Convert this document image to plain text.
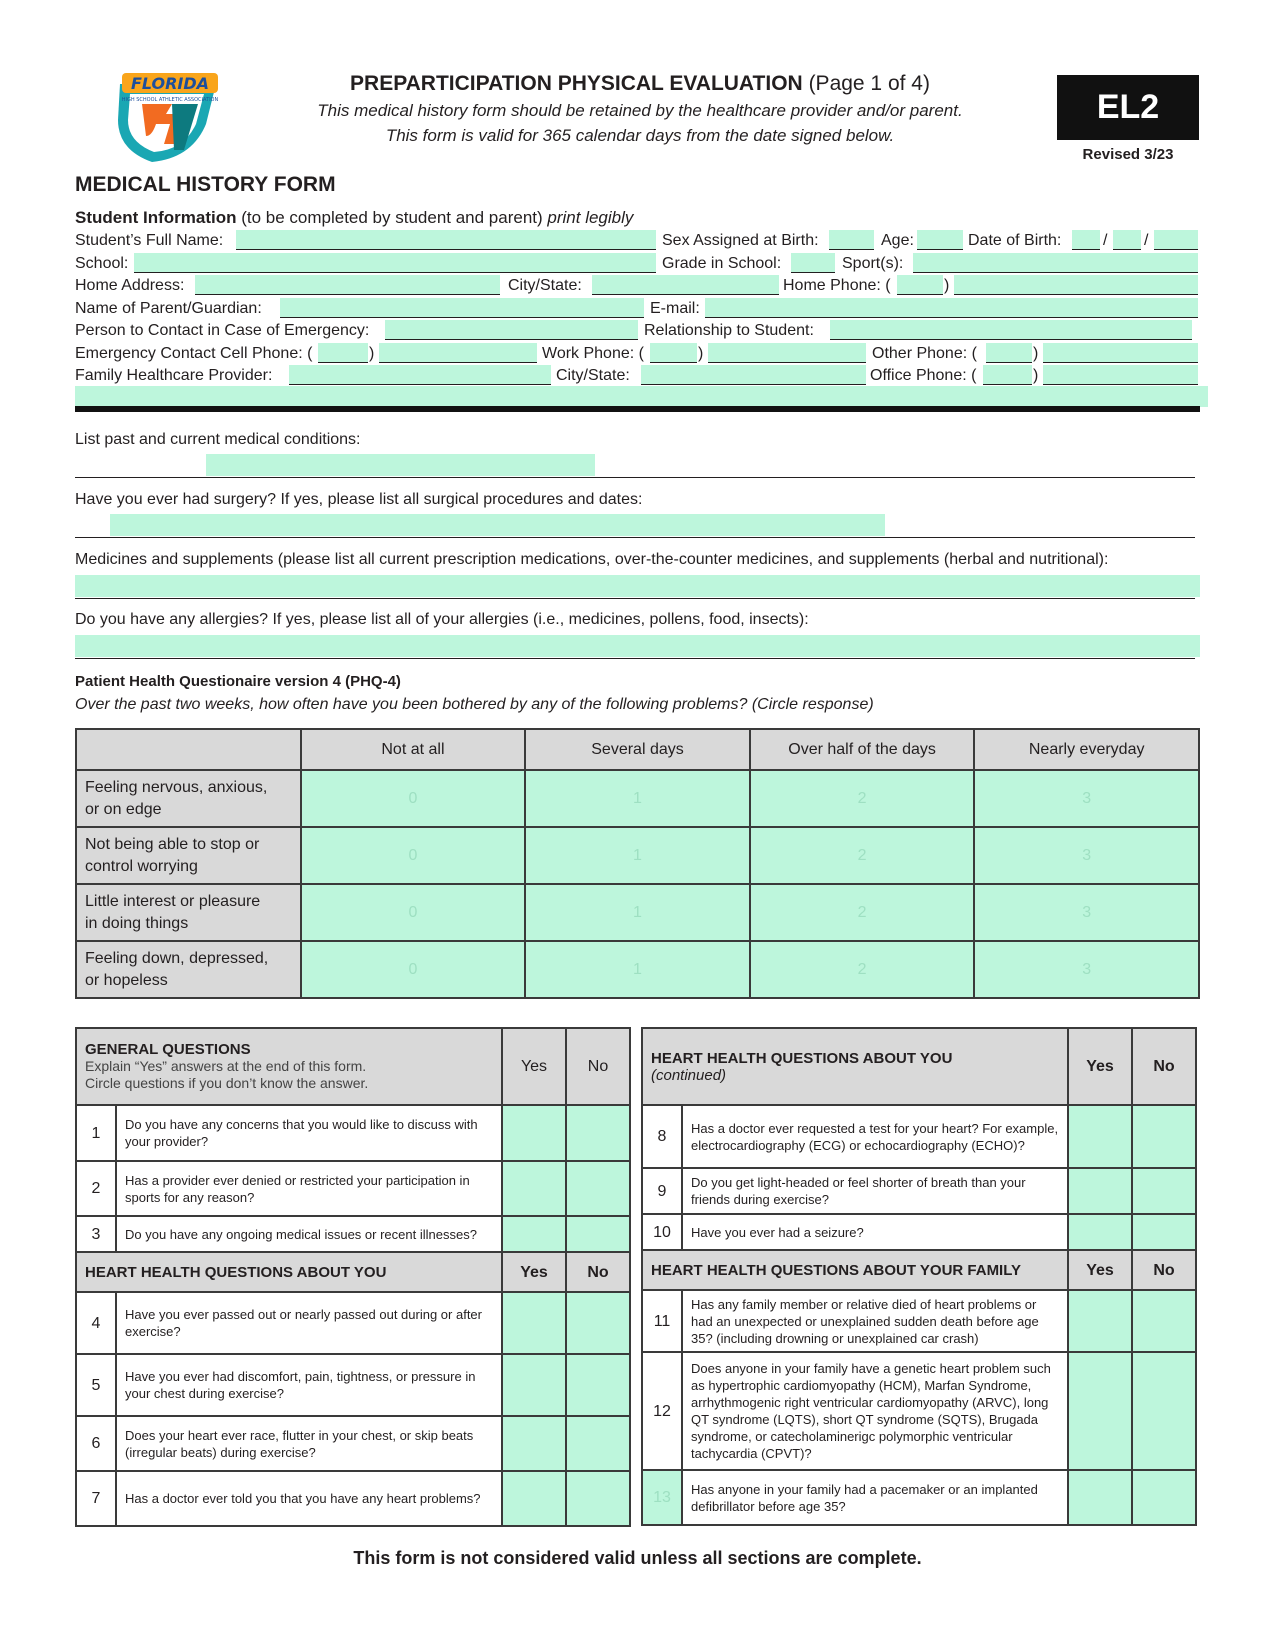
FLORIDA
HIGH SCHOOL ATHLETIC ASSOCIATION
PREPARTICIPATION PHYSICAL EVALUATION (Page 1 of 4)
This medical history form should be retained by the healthcare provider and/or parent.
This form is valid for 365 calendar days from the date signed below.
EL2
Revised 3/23
MEDICAL HISTORY FORM
Student Information (to be completed by student and parent) print legibly
Student’s Full Name:	Sex Assigned at Birth:	Age:	Date of Birth:	/ /
School:	Grade in School:	Sport(s):
Home Address:	City/State:	Home Phone: (	)
Name of Parent/Guardian:	E-mail:
Person to Contact in Case of Emergency:	Relationship to Student:
Emergency Contact Cell Phone: (	)	Work Phone: (	)	Other Phone: (	)
Family Healthcare Provider:	City/State:	Office Phone: (	)
List past and current medical conditions:
Have you ever had surgery? If yes, please list all surgical procedures and dates:
Medicines and supplements (please list all current prescription medications, over-the-counter medicines, and supplements (herbal and nutritional):
Do you have any allergies? If yes, please list all of your allergies (i.e., medicines, pollens, food, insects):
Patient Health Questionaire version 4 (PHQ-4)
Over the past two weeks, how often have you been bothered by any of the following problems? (Circle response)
	Not at all	Several days	Over half of the days	Nearly everyday
Feeling nervous, anxious,
or on edge	0	1	2	3
Not being able to stop or
control worrying	0	1	2	3
Little interest or pleasure
in doing things	0	1	2	3
Feeling down, depressed,
or hopeless	0	1	2	3
GENERAL QUESTIONS
Explain “Yes” answers at the end of this form.
Circle questions if you don’t know the answer.		Yes	No
1	Do you have any concerns that you would like to discuss with your provider?		
2	Has a provider ever denied or restricted your participation in sports for any reason?		
3	Do you have any ongoing medical issues or recent illnesses?		
HEART HEALTH QUESTIONS ABOUT YOU		Yes	No
4	Have you ever passed out or nearly passed out during or after exercise?		
5	Have you ever had discomfort, pain, tightness, or pressure in your chest during exercise?		
6	Does your heart ever race, flutter in your chest, or skip beats (irregular beats) during exercise?		
7	Has a doctor ever told you that you have any heart problems?		
HEART HEALTH QUESTIONS ABOUT YOU
(continued)		Yes	No
8	Has a doctor ever requested a test for your heart? For example, electrocardiography (ECG) or echocardiography (ECHO)?		
9	Do you get light-headed or feel shorter of breath than your friends during exercise?		
10	Have you ever had a seizure?		
HEART HEALTH QUESTIONS ABOUT YOUR FAMILY		Yes	No
11	Has any family member or relative died of heart problems or had an unexpected or unexplained sudden death before age 35? (including drowning or unexplained car crash)		
12	Does anyone in your family have a genetic heart problem such as hypertrophic cardiomyopathy (HCM), Marfan Syndrome, arrhythmogenic right ventricular cardiomyopathy (ARVC), long QT syndrome (LQTS), short QT syndrome (SQTS), Brugada syndrome, or catecholaminerigc polymorphic ventricular tachycardia (CPVT)?		
13	Has anyone in your family had a pacemaker or an implanted defibrillator before age 35?		
This form is not considered valid unless all sections are complete.
